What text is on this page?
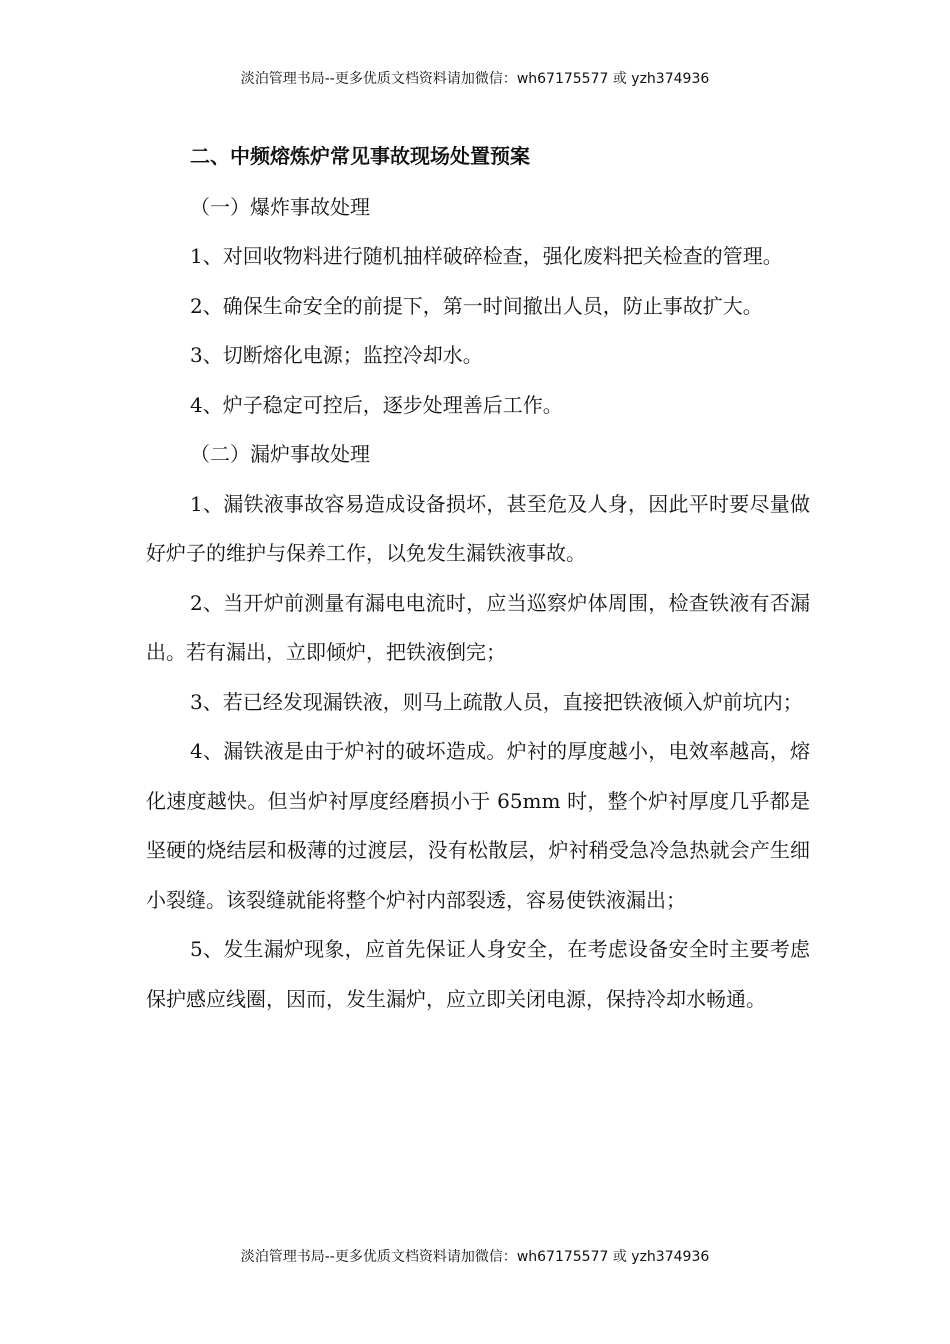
淡泊管理书局--更多优质文档资料请加微信：wh67175577 或 yzh374936
二、中频熔炼炉常见事故现场处置预案
（一）爆炸事故处理
1、对回收物料进行随机抽样破碎检查，强化废料把关检查的管理。
2、确保生命安全的前提下，第一时间撤出人员，防止事故扩大。
3、切断熔化电源；监控冷却水。
4、炉子稳定可控后，逐步处理善后工作。
（二）漏炉事故处理
1、漏铁液事故容易造成设备损坏，甚至危及人身，因此平时要尽量做好炉子的维护与保养工作，以免发生漏铁液事故。
2、当开炉前测量有漏电电流时，应当巡察炉体周围，检查铁液有否漏出。若有漏出，立即倾炉，把铁液倒完；
3、若已经发现漏铁液，则马上疏散人员，直接把铁液倾入炉前坑内；
4、漏铁液是由于炉衬的破坏造成。炉衬的厚度越小，电效率越高，熔化速度越快。但当炉衬厚度经磨损小于 65mm 时，整个炉衬厚度几乎都是坚硬的烧结层和极薄的过渡层，没有松散层，炉衬稍受急冷急热就会产生细小裂缝。该裂缝就能将整个炉衬内部裂透，容易使铁液漏出；
5、发生漏炉现象，应首先保证人身安全，在考虑设备安全时主要考虑保护感应线圈，因而，发生漏炉，应立即关闭电源，保持冷却水畅通。
淡泊管理书局--更多优质文档资料请加微信：wh67175577 或 yzh374936
